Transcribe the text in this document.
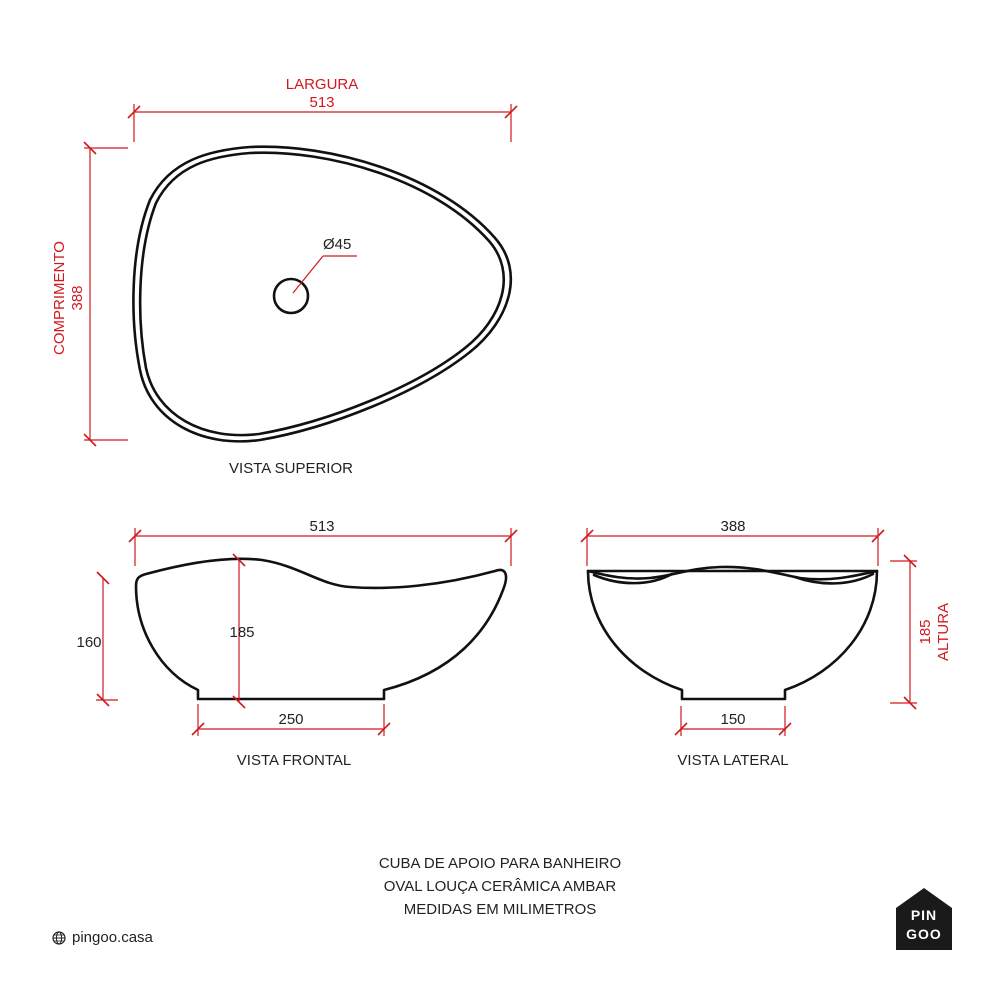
Ø45
LARGURA
513
COMPRIMENTO 388
VISTA SUPERIOR
513
160
185
250
VISTA FRONTAL
388
185 ALTURA
150
VISTA LATERAL
CUBA DE APOIO PARA BANHEIRO
OVAL LOUÇA CERÂMICA AMBAR
MEDIDAS EM MILIMETROS
pingoo.casa
PIN
GOO
